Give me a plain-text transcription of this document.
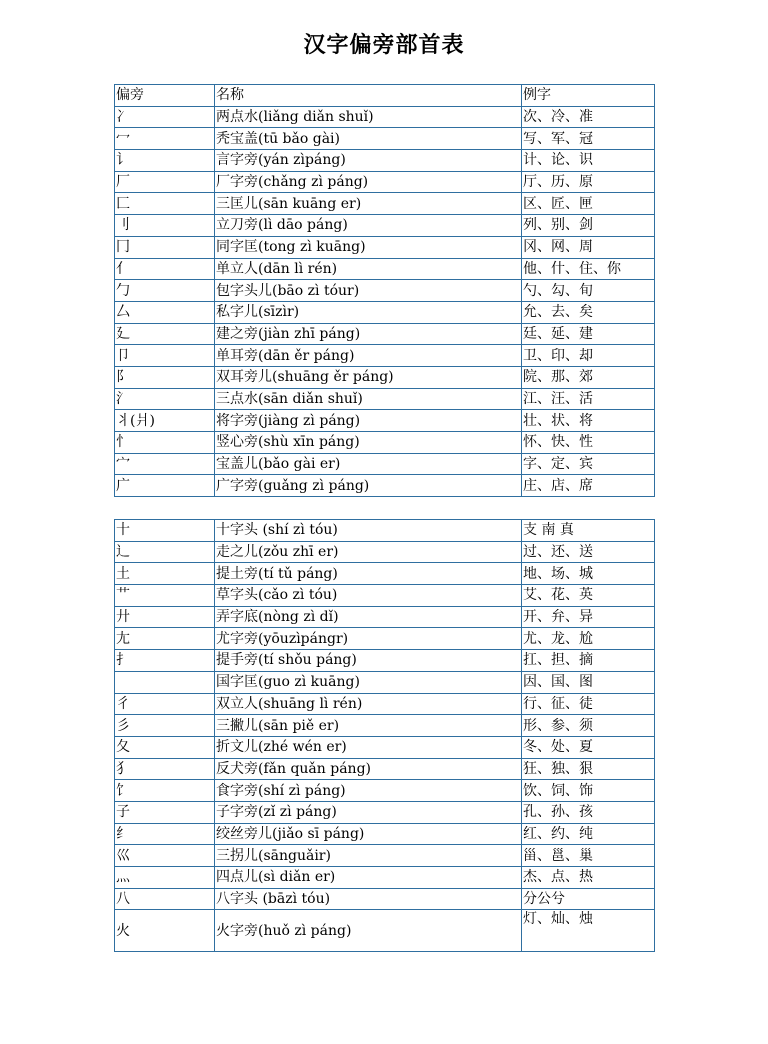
汉字偏旁部首表
偏旁	名称	例字
冫	两点水(liǎng diǎn shuǐ)	次、冷、准
冖	秃宝盖(tū bǎo gài)	写、军、冠
讠	言字旁(yán zìpáng)	计、论、识
厂	厂字旁(chǎng zì páng)	厅、历、原
匚	三匡儿(sān kuāng er)	区、匠、匣
刂	立刀旁(lì dāo páng)	列、别、剑
冂	同字匡(tong zì kuāng)	冈、网、周
亻	单立人(dān lì rén)	他、什、住、你
勹	包字头儿(bāo zì tóur)	勺、勾、旬
厶	私字儿(sīzìr)	允、去、矣
廴	建之旁(jiàn zhī páng)	廷、延、建
卩	单耳旁(dān ěr páng)	卫、印、却
阝	双耳旁儿(shuāng ěr páng)	院、那、郊
氵	三点水(sān diǎn shuǐ)	江、汪、活
丬(爿)	将字旁(jiàng zì páng)	壮、状、将
忄	竖心旁(shù xīn páng)	怀、快、性
宀	宝盖儿(bǎo gài er)	字、定、宾
广	广字旁(guǎng zì páng)	庄、店、席
十	十字头 (shí zì tóu)	支 南 真
辶	走之儿(zǒu zhī er)	过、还、送
土	提土旁(tí tǔ páng)	地、场、城
艹	草字头(cǎo zì tóu)	艾、花、英
廾	弄字底(nòng zì dǐ)	开、弁、异
尢	尤字旁(yōuzìpángr)	尤、龙、尬
扌	提手旁(tí shǒu páng)	扛、担、摘
	国字匡(guo zì kuāng)	因、国、图
彳	双立人(shuāng lì rén)	行、征、徒
彡	三撇儿(sān piě er)	形、参、须
夂	折文儿(zhé wén er)	冬、处、夏
犭	反犬旁(fǎn quǎn páng)	狂、独、狠
饣	食字旁(shí zì páng)	饮、饲、饰
子	子字旁(zǐ zì páng)	孔、孙、孩
纟	绞丝旁儿(jiǎo sī páng)	红、约、纯
巛	三拐儿(sānguǎir)	甾、邕、巢
灬	四点儿(sì diǎn er)	杰、点、热
八	八字头 (bāzì tóu)	分公兮
火	火字旁(huǒ zì páng)	灯、灿、烛
